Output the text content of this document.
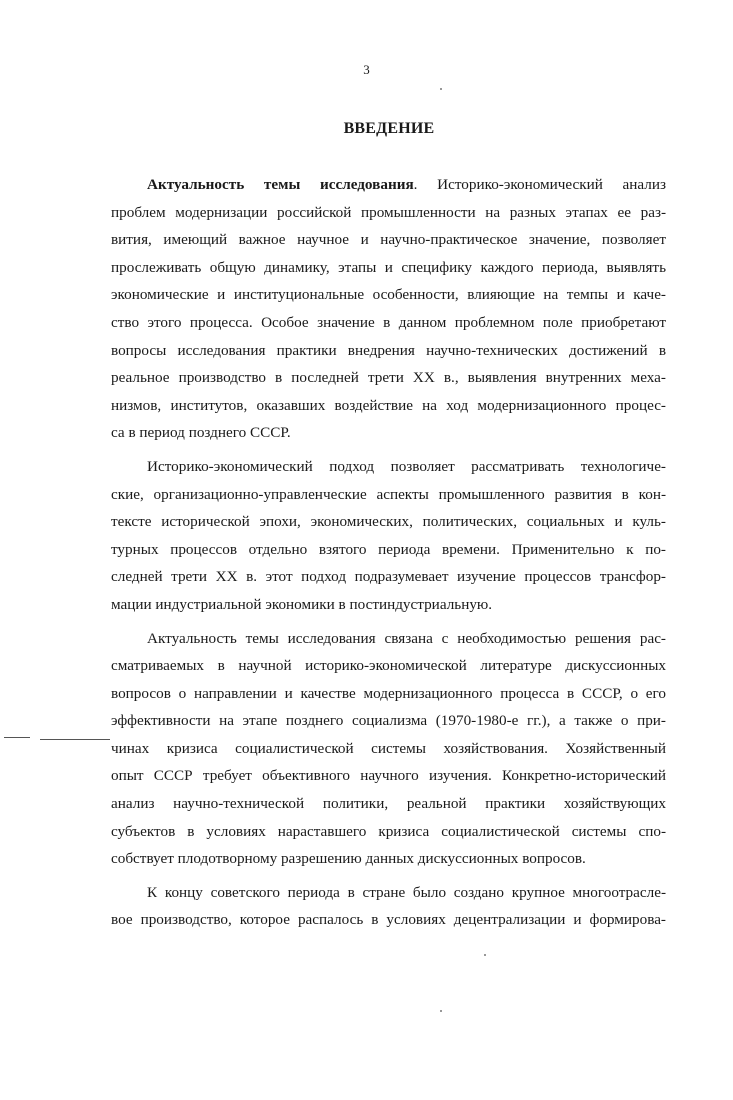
3
ВВЕДЕНИЕ
Актуальность темы исследования. Историко-экономический анализ
проблем модернизации российской промышленности на разных этапах ее раз-
вития, имеющий важное научное и научно-практическое значение, позволяет
прослеживать общую динамику, этапы и специфику каждого периода, выявлять
экономические и институциональные особенности, влияющие на темпы и каче-
ство этого процесса. Особое значение в данном проблемном поле приобретают
вопросы исследования практики внедрения научно-технических достижений в
реальное производство в последней трети XX в., выявления внутренних меха-
низмов, институтов, оказавших воздействие на ход модернизационного процес-
са в период позднего СССР.
Историко-экономический подход позволяет рассматривать технологиче-
ские, организационно-управленческие аспекты промышленного развития в кон-
тексте исторической эпохи, экономических, политических, социальных и куль-
турных процессов отдельно взятого периода времени. Применительно к по-
следней трети XX в. этот подход подразумевает изучение процессов трансфор-
мации индустриальной экономики в постиндустриальную.
Актуальность темы исследования связана с необходимостью решения рас-
сматриваемых в научной историко-экономической литературе дискуссионных
вопросов о направлении и качестве модернизационного процесса в СССР, о его
эффективности на этапе позднего социализма (1970-1980-е гг.), а также о при-
чинах кризиса социалистической системы хозяйствования. Хозяйственный
опыт СССР требует объективного научного изучения. Конкретно-исторический
анализ научно-технической политики, реальной практики хозяйствующих
субъектов в условиях нараставшего кризиса социалистической системы спо-
собствует плодотворному разрешению данных дискуссионных вопросов.
К концу советского периода в стране было создано крупное многоотрасле-
вое производство, которое распалось в условиях децентрализации и формирова-
